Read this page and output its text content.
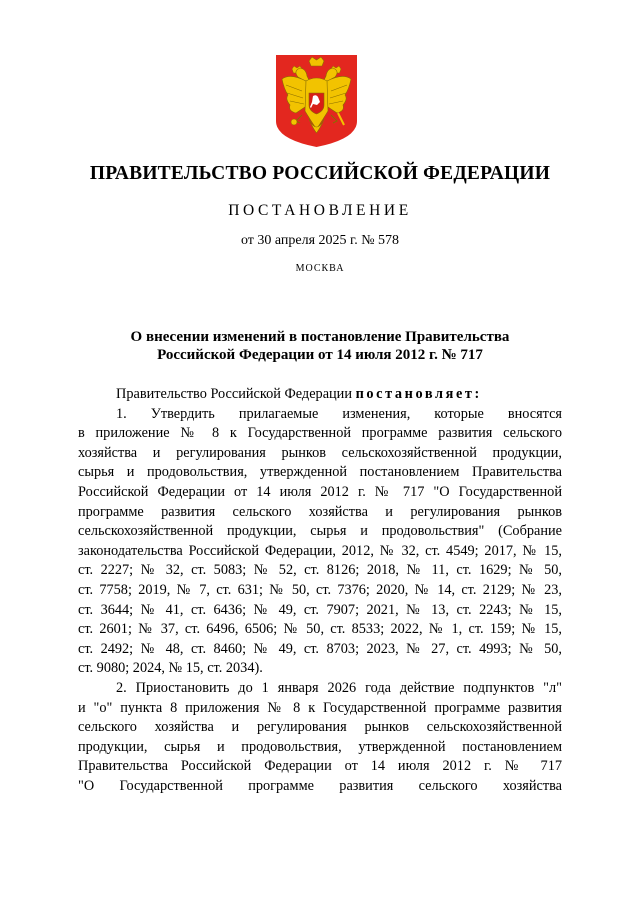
ПРАВИТЕЛЬСТВО РОССИЙСКОЙ ФЕДЕРАЦИИ
ПОСТАНОВЛЕНИЕ
от 30 апреля 2025 г. № 578
МОСКВА
О внесении изменений в постановление Правительства
Российской Федерации от 14 июля 2012 г. № 717

Правительство Российской Федерации постановляет:

1. Утвердить прилагаемые изменения, которые вносятся
в приложение № 8 к Государственной программе развития сельского
хозяйства и регулирования рынков сельскохозяйственной продукции,
сырья и продовольствия, утвержденной постановлением Правительства
Российской Федерации от 14 июля 2012 г. № 717 "О Государственной
программе развития сельского хозяйства и регулирования рынков
сельскохозяйственной продукции, сырья и продовольствия" (Собрание
законодательства Российской Федерации, 2012, № 32, ст. 4549; 2017, № 15,
ст. 2227; № 32, ст. 5083; № 52, ст. 8126; 2018, № 11, ст. 1629; № 50,
ст. 7758; 2019, № 7, ст. 631; № 50, ст. 7376; 2020, № 14, ст. 2129; № 23,
ст. 3644; № 41, ст. 6436; № 49, ст. 7907; 2021, № 13, ст. 2243; № 15,
ст. 2601; № 37, ст. 6496, 6506; № 50, ст. 8533; 2022, № 1, ст. 159; № 15,
ст. 2492; № 48, ст. 8460; № 49, ст. 8703; 2023, № 27, ст. 4993; № 50,
ст. 9080; 2024, № 15, ст. 2034).
2. Приостановить до 1 января 2026 года действие подпунктов "л"
и "о" пункта 8 приложения № 8 к Государственной программе развития
сельского хозяйства и регулирования рынков сельскохозяйственной
продукции, сырья и продовольствия, утвержденной постановлением
Правительства Российской Федерации от 14 июля 2012 г. № 717
"О Государственной программе развития сельского хозяйства
